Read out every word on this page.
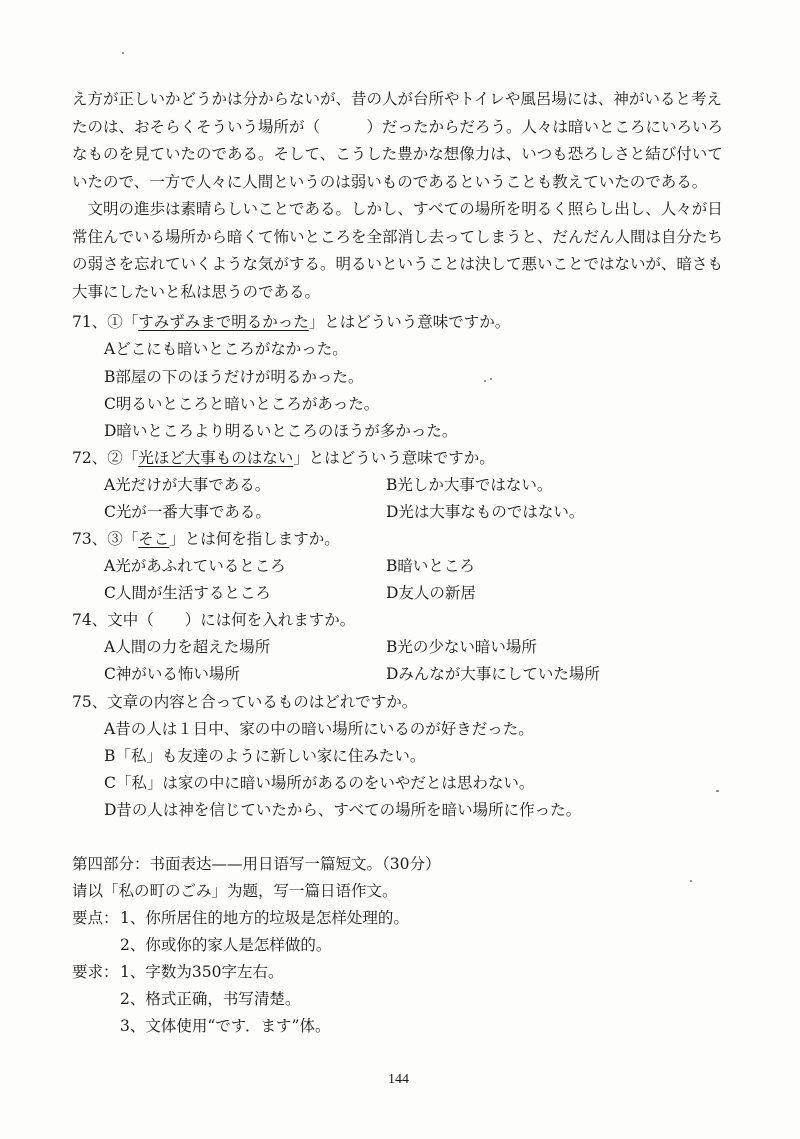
え方が正しいかどうかは分からないが、昔の人が台所やトイレや風呂場には、神がいると考え
たのは、おそらくそういう場所が（　　　）だったからだろう。人々は暗いところにいろいろ
なものを見ていたのである。そして、こうした豊かな想像力は、いつも恐ろしさと結び付いて
いたので、一方で人々に人間というのは弱いものであるということも教えていたのである。
　文明の進歩は素晴らしいことである。しかし、すべての場所を明るく照らし出し、人々が日
常住んでいる場所から暗くて怖いところを全部消し去ってしまうと、だんだん人間は自分たち
の弱さを忘れていくような気がする。明るいということは決して悪いことではないが、暗さも
大事にしたいと私は思うのである。
71、①「すみずみまで明るかった」とはどういう意味ですか。
Aどこにも暗いところがなかった。
B部屋の下のほうだけが明るかった。
C明るいところと暗いところがあった。
D暗いところより明るいところのほうが多かった。
72、②「光ほど大事ものはない」とはどういう意味ですか。
A光だけが大事である。	B光しか大事ではない。
C光が一番大事である。	D光は大事なものではない。
73、③「そこ」とは何を指しますか。
A光があふれているところ	B暗いところ
C人間が生活するところ	D友人の新居
74、文中（　　）には何を入れますか。
A人間の力を超えた場所	B光の少ない暗い場所
C神がいる怖い場所	Dみんなが大事にしていた場所
75、文章の内容と合っているものはどれですか。
A昔の人は１日中、家の中の暗い場所にいるのが好きだった。
B「私」も友達のように新しい家に住みたい。
C「私」は家の中に暗い場所があるのをいやだとは思わない。
D昔の人は神を信じていたから、すべての場所を暗い場所に作った。
第四部分：书面表达——用日语写一篇短文。（30分）
请以「私の町のごみ」为题，写一篇日语作文。
要点： 1、你所居住的地方的垃圾是怎样处理的。
2、你或你的家人是怎样做的。
要求： 1、字数为350字左右。
2、格式正确，书写清楚。
3、文体使用“です．ます”体。
144
